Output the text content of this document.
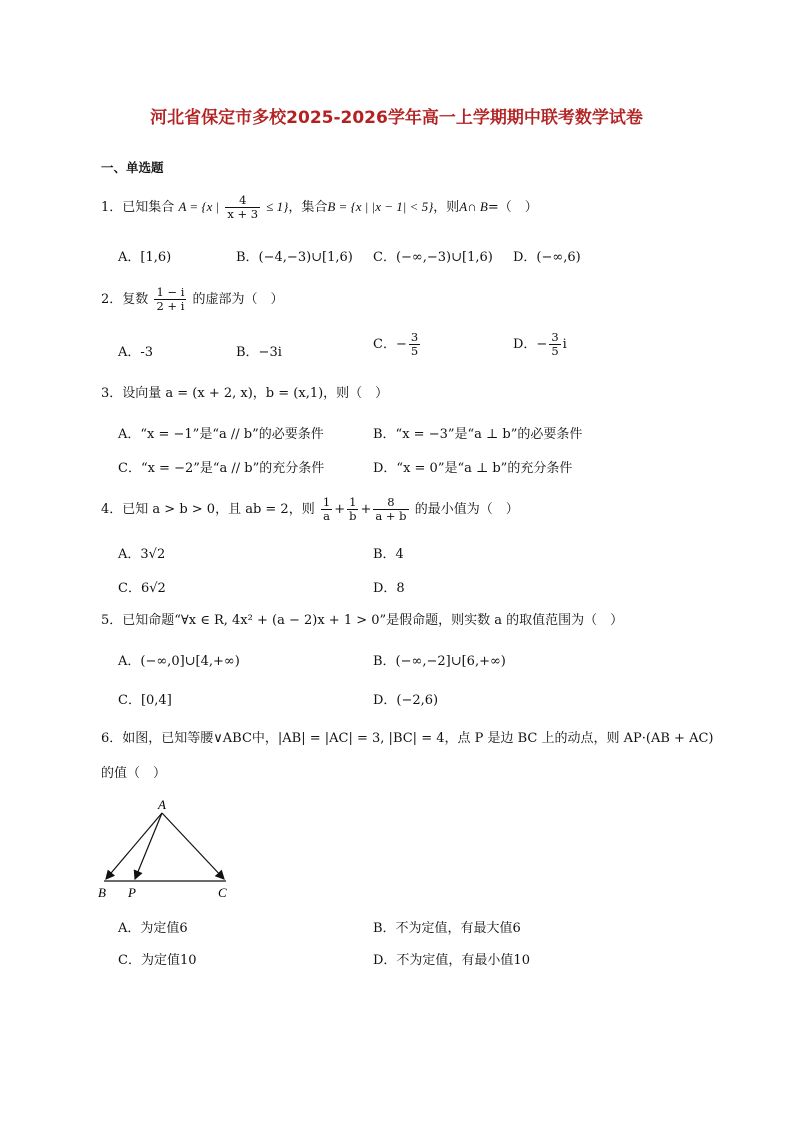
河北省保定市多校2025-2026学年高一上学期期中联考数学试卷
一、单选题
1．已知集合 A = {x | $\frac{4}{x + 3} \le 1$}，集合B = {x | |x − 1| < 5}，则A∩ B=（　）
A．[1,6)	B．(−4,−3)∪[1,6) C．(−∞,−3)∪[1,6) D．(−∞,6)
2．复数 $\frac{1 - i}{2 + i}$ 的虚部为（　）
A．-3	B．−3i
C．− $\frac{3}{5}$	D．− $\frac{3}{5}$ i
3．设向量 a = (x + 2, x)，b = (x,1)，则（　）
A．“x = −1”是“a // b”的必要条件	B．“x = −3”是“a ⊥ b”的必要条件
C．“x = −2”是“a // b”的充分条件	D．“x = 0”是“a ⊥ b”的充分条件
4．已知 a > b > 0，且 ab = 2，则 $\frac{1}{a} + \frac{1}{b} + \frac{8}{a + b}$ 的最小值为（　）
A．3√2	B．4
C．6√2	D．8
5．已知命题“∀x ∈ R, 4x² + (a − 2)x + 1 > 0”是假命题，则实数 a 的取值范围为（　）
A．(−∞,0]∪[4,+∞)	B．(−∞,−2]∪[6,+∞)
C．[0,4]	D．(−2,6)
6．如图，已知等腰∨ABC中，|AB| = |AC| = 3, |BC| = 4，点 P 是边 BC 上的动点，则 AP·(AB + AC)
的值（　）
A
B P	C
A．为定值6	B．不为定值，有最大值6
C．为定值10	D．不为定值，有最小值10
